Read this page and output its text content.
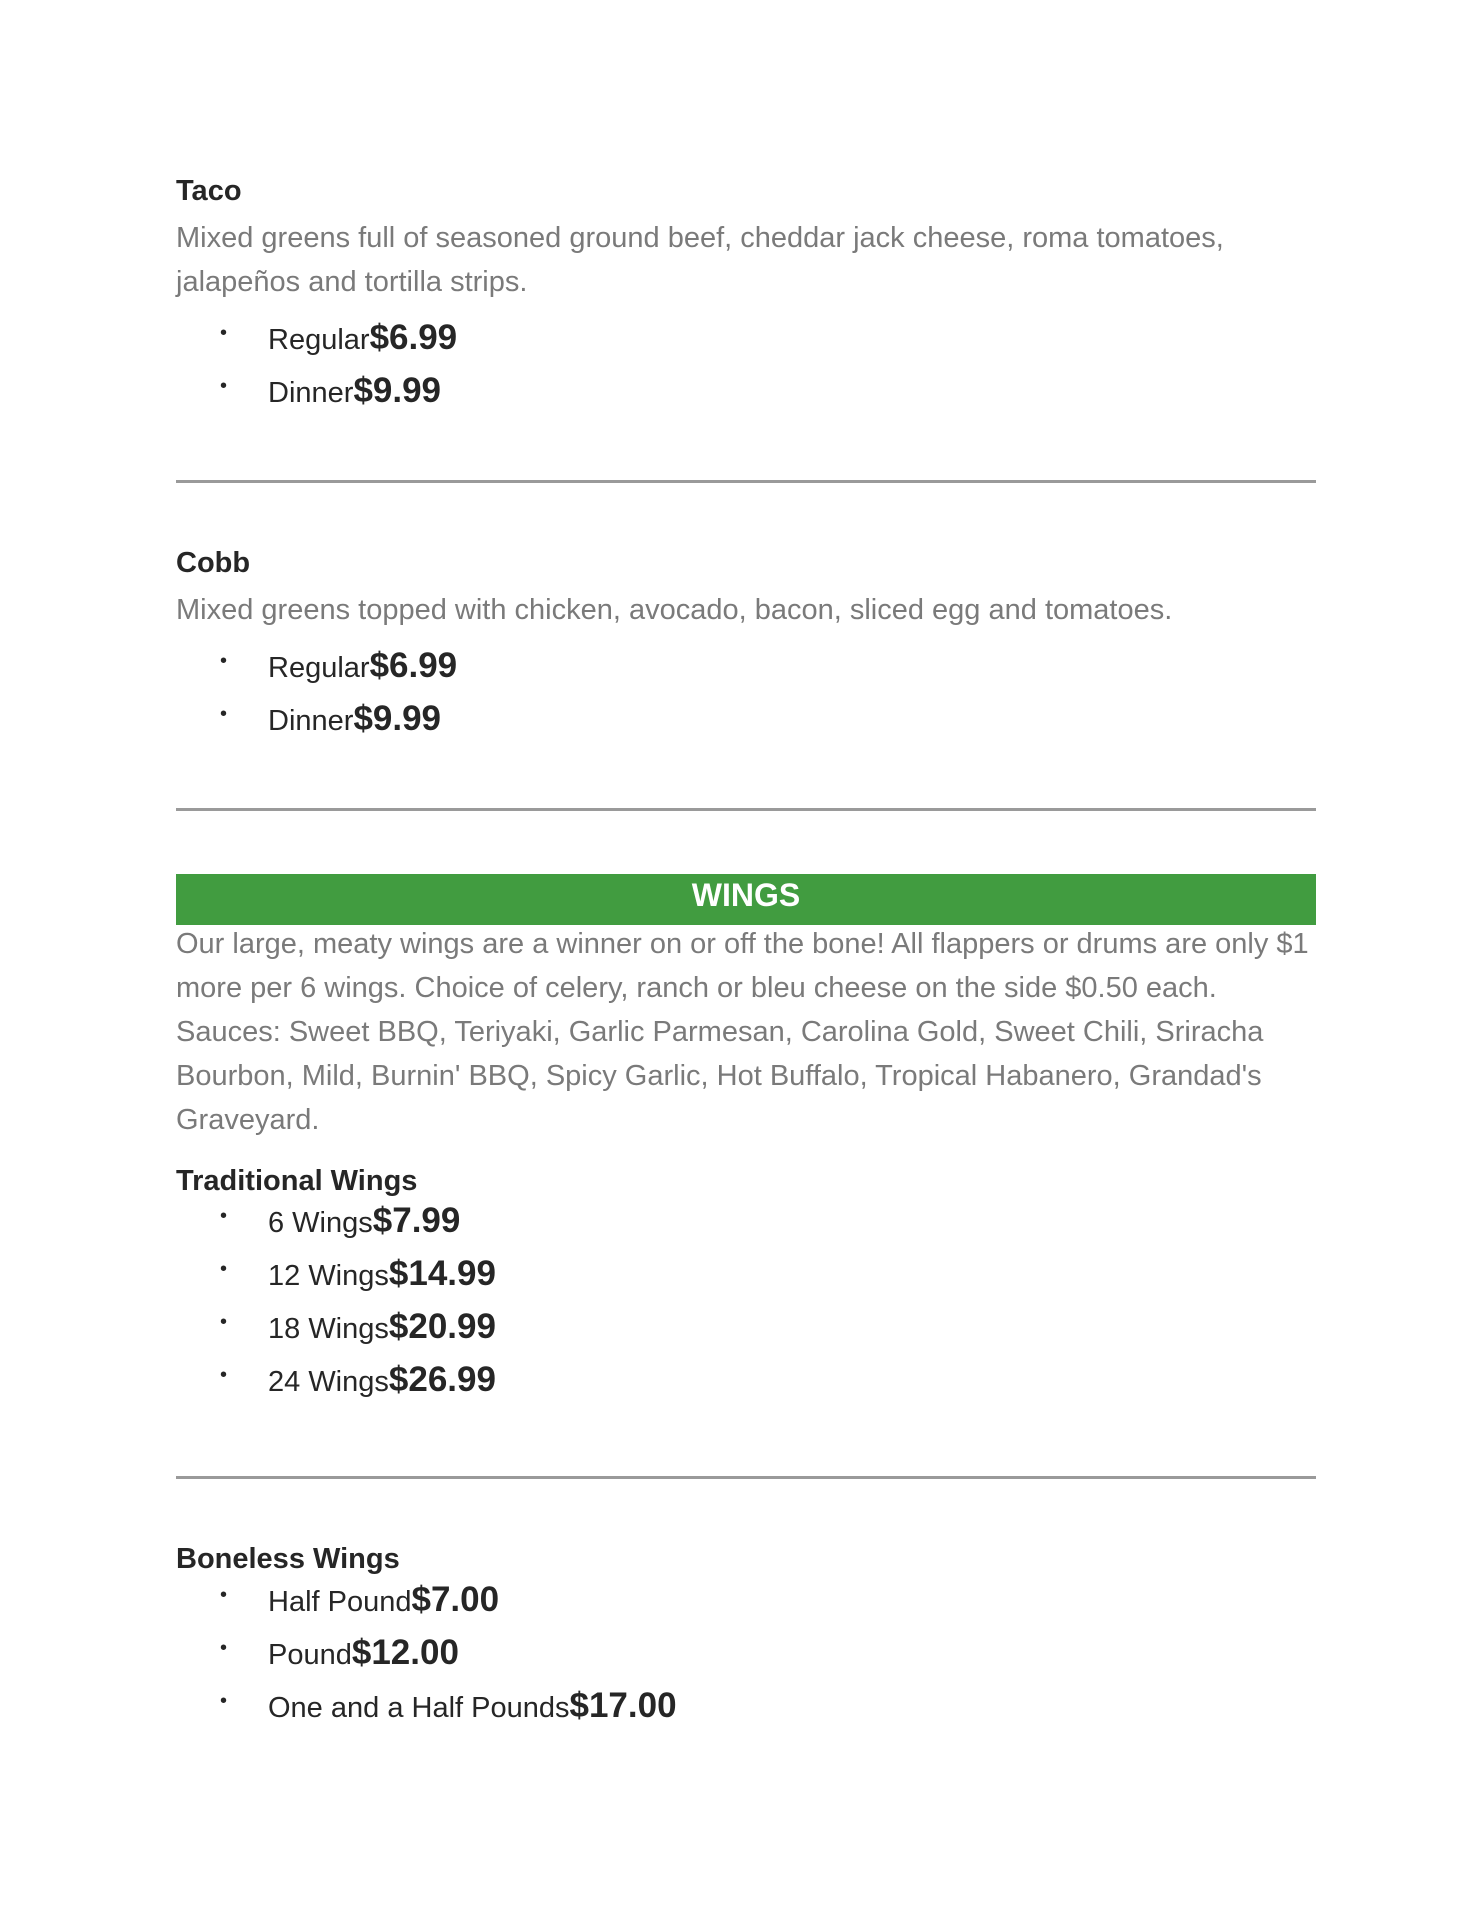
Taco

Mixed greens full of seasoned ground beef, cheddar jack cheese, roma tomatoes, jalapeños and tortilla strips.

• Regular $6.99
• Dinner $9.99
Cobb

Mixed greens topped with chicken, avocado, bacon, sliced egg and tomatoes.

• Regular $6.99
• Dinner $9.99
WINGS

Our large, meaty wings are a winner on or off the bone! All flappers or drums are only $1 more per 6 wings. Choice of celery, ranch or bleu cheese on the side $0.50 each. Sauces: Sweet BBQ, Teriyaki, Garlic Parmesan, Carolina Gold, Sweet Chili, Sriracha Bourbon, Mild, Burnin' BBQ, Spicy Garlic, Hot Buffalo, Tropical Habanero, Grandad's Graveyard.

Traditional Wings
• 6 Wings $7.99
• 12 Wings $14.99
• 18 Wings $20.99
• 24 Wings $26.99
Boneless Wings
• Half Pound $7.00
• Pound $12.00
• One and a Half Pounds $17.00
